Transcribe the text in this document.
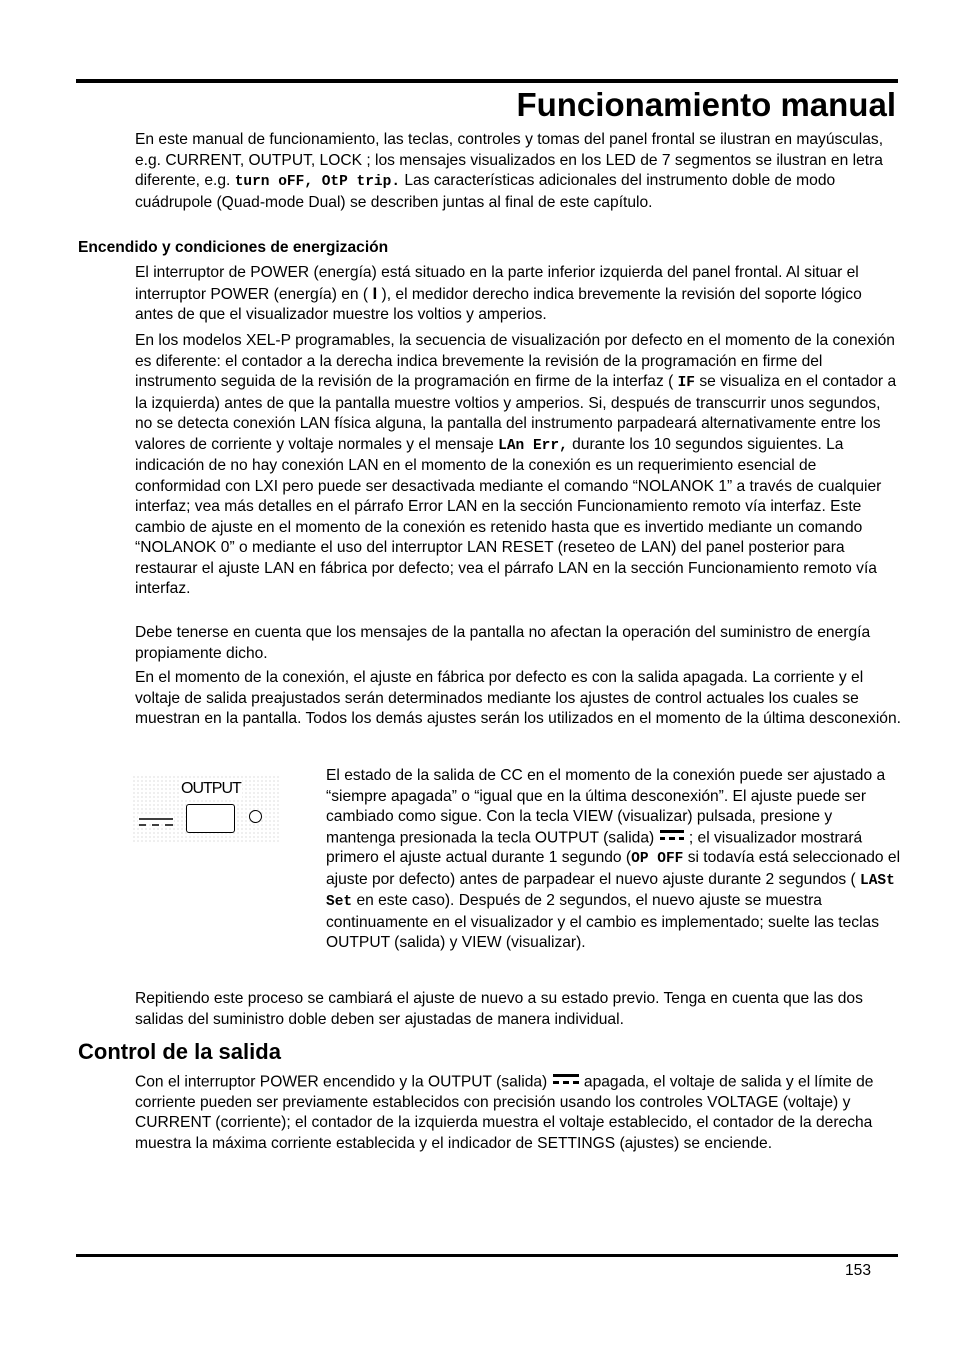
Funcionamiento manual

En este manual de funcionamiento, las teclas, controles y tomas del panel frontal se ilustran en mayúsculas, e.g. CURRENT, OUTPUT, LOCK ; los mensajes visualizados en los LED de 7 segmentos se ilustran en letra diferente, e.g. turn oFF, OtP trip. Las características adicionales del instrumento doble de modo cuádrupole (Quad-mode Dual) se describen juntas al final de este capítulo.

Encendido y condiciones de energización

El interruptor de POWER (energía) está situado en la parte inferior izquierda del panel frontal. Al situar el interruptor POWER (energía) en ( I ), el medidor derecho indica brevemente la revisión del soporte lógico antes de que el visualizador muestre los voltios y amperios.

En los modelos XEL-P programables, la secuencia de visualización por defecto en el momento de la conexión es diferente: el contador a la derecha indica brevemente la revisión de la programación en firme del instrumento seguida de la revisión de la programación en firme de la interfaz ( IF se visualiza en el contador a la izquierda) antes de que la pantalla muestre voltios y amperios. Si, después de transcurrir unos segundos, no se detecta conexión LAN física alguna, la pantalla del instrumento parpadeará alternativamente entre los valores de corriente y voltaje normales y el mensaje LAn Err, durante los 10 segundos siguientes. La indicación de no hay conexión LAN en el momento de la conexión es un requerimiento esencial de conformidad con LXI pero puede ser desactivada mediante el comando “NOLANOK 1” a través de cualquier interfaz; vea más detalles en el párrafo Error LAN en la sección Funcionamiento remoto vía interfaz. Este cambio de ajuste en el momento de la conexión es retenido hasta que es invertido mediante un comando “NOLANOK 0” o mediante el uso del interruptor LAN RESET (reseteo de LAN) del panel posterior para restaurar el ajuste LAN en fábrica por defecto; vea el párrafo LAN en la sección Funcionamiento remoto vía interfaz.

Debe tenerse en cuenta que los mensajes de la pantalla no afectan la operación del suministro de energía propiamente dicho.

En el momento de la conexión, el ajuste en fábrica por defecto es con la salida apagada. La corriente y el voltaje de salida preajustados serán determinados mediante los ajustes de control actuales los cuales se muestran en la pantalla. Todos los demás ajustes serán los utilizados en el momento de la última desconexión.

OUTPUT

El estado de la salida de CC en el momento de la conexión puede ser ajustado a “siempre apagada” o “igual que en la última desconexión”. El ajuste puede ser cambiado como sigue. Con la tecla VIEW (visualizar) pulsada, presione y mantenga presionada la tecla OUTPUT (salida)  ; el visualizador mostrará primero el ajuste actual durante 1 segundo (OP OFF si todavía está seleccionado el ajuste por defecto) antes de parpadear el nuevo ajuste durante 2 segundos ( LASt Set en este caso). Después de 2 segundos, el nuevo ajuste se muestra continuamente en el visualizador y el cambio es implementado; suelte las teclas OUTPUT (salida) y VIEW (visualizar).

Repitiendo este proceso se cambiará el ajuste de nuevo a su estado previo. Tenga en cuenta que las dos salidas del suministro doble deben ser ajustadas de manera individual.

Control de la salida

Con el interruptor POWER encendido y la OUTPUT (salida)  apagada, el voltaje de salida y el límite de corriente pueden ser previamente establecidos con precisión usando los controles VOLTAGE (voltaje) y CURRENT (corriente); el contador de la izquierda muestra el voltaje establecido, el contador de la derecha muestra la máxima corriente establecida y el indicador de SETTINGS (ajustes) se enciende.

153
